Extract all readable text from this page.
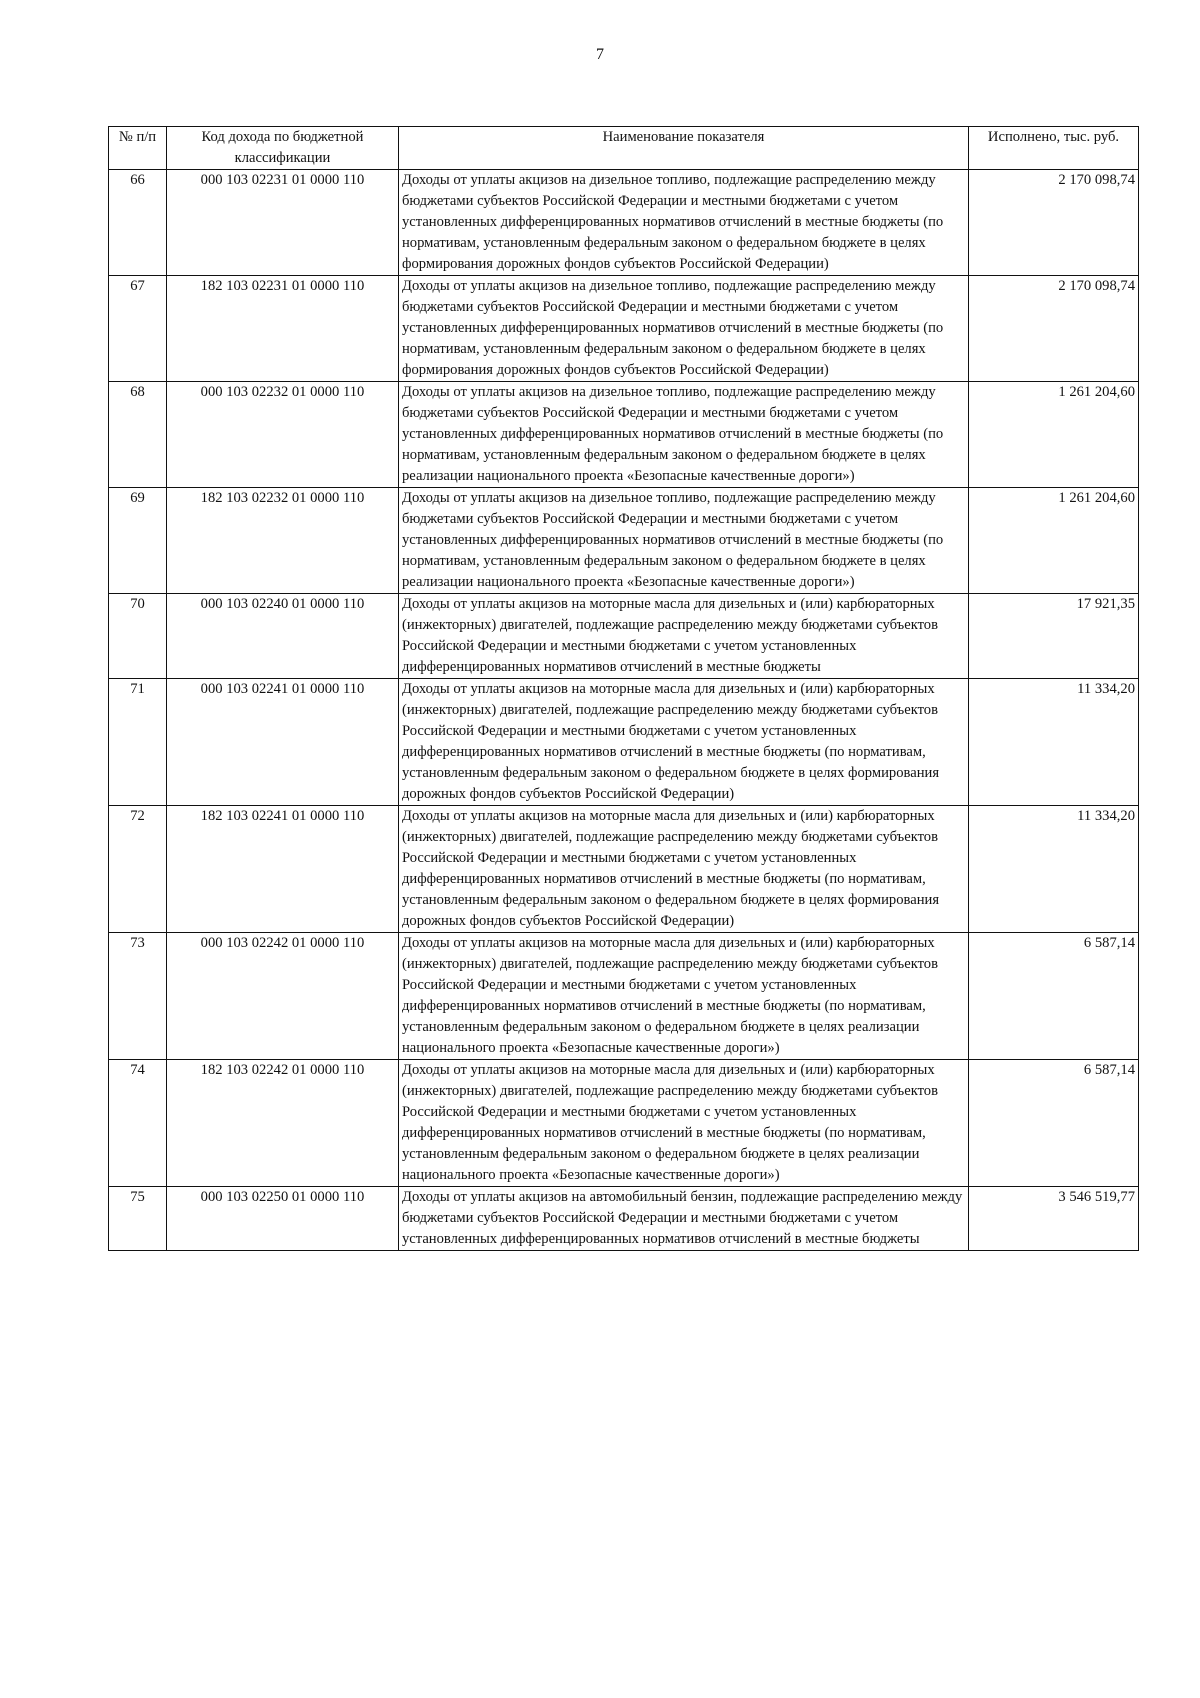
7
№ п/п	Код дохода по бюджетной классификации	Наименование показателя	Исполнено, тыс. руб.
66	000 103 02231 01 0000 110	Доходы от уплаты акцизов на дизельное топливо, подлежащие распределению между бюджетами субъектов Российской Федерации и местными бюджетами с учетом установленных дифференцированных нормативов отчислений в местные бюджеты (по нормативам, установленным федеральным законом о федеральном бюджете в целях формирования дорожных фондов субъектов Российской Федерации)	2 170 098,74
67	182 103 02231 01 0000 110	Доходы от уплаты акцизов на дизельное топливо, подлежащие распределению между бюджетами субъектов Российской Федерации и местными бюджетами с учетом установленных дифференцированных нормативов отчислений в местные бюджеты (по нормативам, установленным федеральным законом о федеральном бюджете в целях формирования дорожных фондов субъектов Российской Федерации)	2 170 098,74
68	000 103 02232 01 0000 110	Доходы от уплаты акцизов на дизельное топливо, подлежащие распределению между бюджетами субъектов Российской Федерации и местными бюджетами с учетом установленных дифференцированных нормативов отчислений в местные бюджеты (по нормативам, установленным федеральным законом о федеральном бюджете в целях реализации национального проекта «Безопасные качественные дороги»)	1 261 204,60
69	182 103 02232 01 0000 110	Доходы от уплаты акцизов на дизельное топливо, подлежащие распределению между бюджетами субъектов Российской Федерации и местными бюджетами с учетом установленных дифференцированных нормативов отчислений в местные бюджеты (по нормативам, установленным федеральным законом о федеральном бюджете в целях реализации национального проекта «Безопасные качественные дороги»)	1 261 204,60
70	000 103 02240 01 0000 110	Доходы от уплаты акцизов на моторные масла для дизельных и (или) карбюраторных (инжекторных) двигателей, подлежащие распределению между бюджетами субъектов Российской Федерации и местными бюджетами с учетом установленных дифференцированных нормативов отчислений в местные бюджеты	17 921,35
71	000 103 02241 01 0000 110	Доходы от уплаты акцизов на моторные масла для дизельных и (или) карбюраторных (инжекторных) двигателей, подлежащие распределению между бюджетами субъектов Российской Федерации и местными бюджетами с учетом установленных дифференцированных нормативов отчислений в местные бюджеты (по нормативам, установленным федеральным законом о федеральном бюджете в целях формирования дорожных фондов субъектов Российской Федерации)	11 334,20
72	182 103 02241 01 0000 110	Доходы от уплаты акцизов на моторные масла для дизельных и (или) карбюраторных (инжекторных) двигателей, подлежащие распределению между бюджетами субъектов Российской Федерации и местными бюджетами с учетом установленных дифференцированных нормативов отчислений в местные бюджеты (по нормативам, установленным федеральным законом о федеральном бюджете в целях формирования дорожных фондов субъектов Российской Федерации)	11 334,20
73	000 103 02242 01 0000 110	Доходы от уплаты акцизов на моторные масла для дизельных и (или) карбюраторных (инжекторных) двигателей, подлежащие распределению между бюджетами субъектов Российской Федерации и местными бюджетами с учетом установленных дифференцированных нормативов отчислений в местные бюджеты (по нормативам, установленным федеральным законом о федеральном бюджете в целях реализации национального проекта «Безопасные качественные дороги»)	6 587,14
74	182 103 02242 01 0000 110	Доходы от уплаты акцизов на моторные масла для дизельных и (или) карбюраторных (инжекторных) двигателей, подлежащие распределению между бюджетами субъектов Российской Федерации и местными бюджетами с учетом установленных дифференцированных нормативов отчислений в местные бюджеты (по нормативам, установленным федеральным законом о федеральном бюджете в целях реализации национального проекта «Безопасные качественные дороги»)	6 587,14
75	000 103 02250 01 0000 110	Доходы от уплаты акцизов на автомобильный бензин, подлежащие распределению между бюджетами субъектов Российской Федерации и местными бюджетами с учетом установленных дифференцированных нормативов отчислений в местные бюджеты	3 546 519,77
